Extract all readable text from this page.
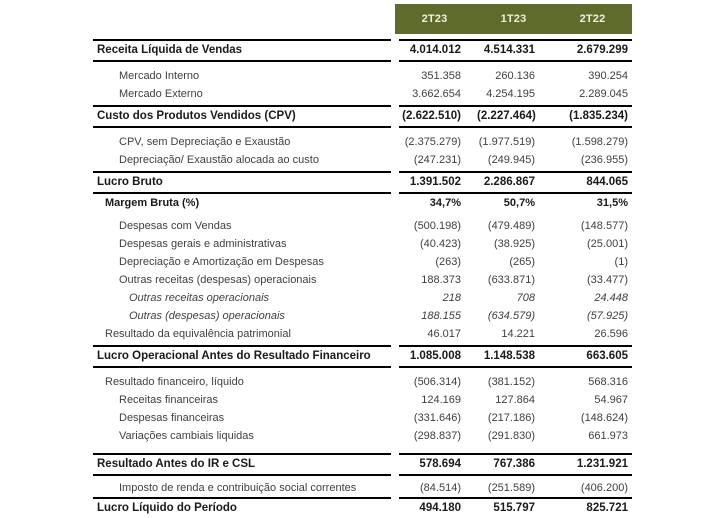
2T23	1T23	2T22
Receita Líquida de Vendas	4.014.012	4.514.331	2.679.299
Mercado Interno	351.358	260.136	390.254
Mercado Externo	3.662.654	4.254.195	2.289.045
Custo dos Produtos Vendidos (CPV)	(2.622.510)	(2.227.464)	(1.835.234)
CPV, sem Depreciação e Exaustão	(2.375.279)	(1.977.519)	(1.598.279)
Depreciação/ Exaustão alocada ao custo	(247.231)	(249.945)	(236.955)
Lucro Bruto	1.391.502	2.286.867	844.065
Margem Bruta (%)	34,7%	50,7%	31,5%
Despesas com Vendas	(500.198)	(479.489)	(148.577)
Despesas gerais e administrativas	(40.423)	(38.925)	(25.001)
Depreciação e Amortização em Despesas	(263)	(265)	(1)
Outras receitas (despesas) operacionais	188.373	(633.871)	(33.477)
Outras receitas operacionais	218	708	24.448
Outras (despesas) operacionais	188.155	(634.579)	(57.925)
Resultado da equivalência patrimonial	46.017	14.221	26.596
Lucro Operacional Antes do Resultado Financeiro	1.085.008	1.148.538	663.605
Resultado financeiro, líquido	(506.314)	(381.152)	568.316
Receitas financeiras	124.169	127.864	54.967
Despesas financeiras	(331.646)	(217.186)	(148.624)
Variações cambiais liquidas	(298.837)	(291.830)	661.973
Resultado Antes do IR e CSL	578.694	767.386	1.231.921
Imposto de renda e contribuição social correntes	(84.514)	(251.589)	(406.200)
Lucro Líquido do Período	494.180	515.797	825.721
